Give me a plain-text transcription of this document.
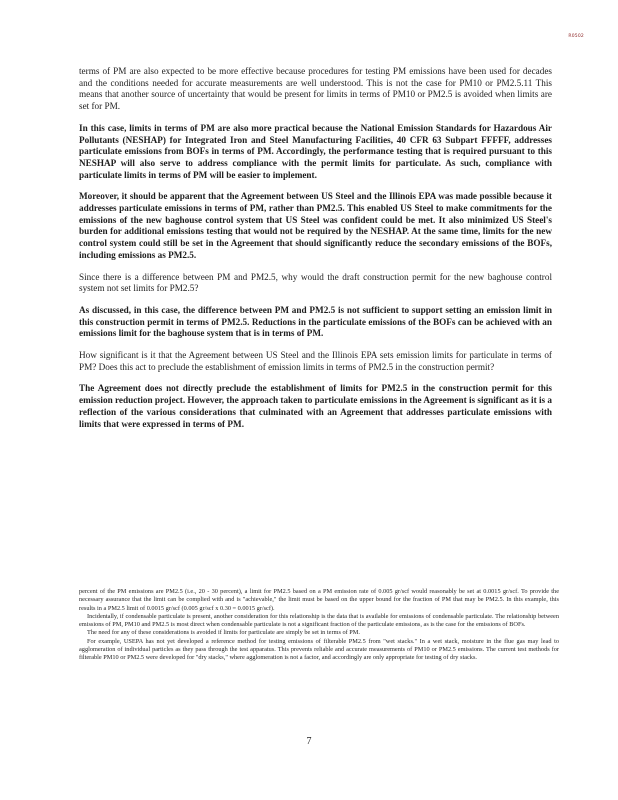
R0502

terms of PM are also expected to be more effective because procedures for testing PM emissions have been used for decades and the conditions needed for accurate measurements are well understood. This is not the case for PM10 or PM2.5.11 This means that another source of uncertainty that would be present for limits in terms of PM10 or PM2.5 is avoided when limits are set for PM.

In this case, limits in terms of PM are also more practical because the National Emission Standards for Hazardous Air Pollutants (NESHAP) for Integrated Iron and Steel Manufacturing Facilities, 40 CFR 63 Subpart FFFFF, addresses particulate emissions from BOFs in terms of PM. Accordingly, the performance testing that is required pursuant to this NESHAP will also serve to address compliance with the permit limits for particulate. As such, compliance with particulate limits in terms of PM will be easier to implement.

Moreover, it should be apparent that the Agreement between US Steel and the Illinois EPA was made possible because it addresses particulate emissions in terms of PM, rather than PM2.5. This enabled US Steel to make commitments for the emissions of the new baghouse control system that US Steel was confident could be met. It also minimized US Steel's burden for additional emissions testing that would not be required by the NESHAP. At the same time, limits for the new control system could still be set in the Agreement that should significantly reduce the secondary emissions of the BOFs, including emissions as PM2.5.

Since there is a difference between PM and PM2.5, why would the draft construction permit for the new baghouse control system not set limits for PM2.5?

As discussed, in this case, the difference between PM and PM2.5 is not sufficient to support setting an emission limit in this construction permit in terms of PM2.5. Reductions in the particulate emissions of the BOFs can be achieved with an emissions limit for the baghouse system that is in terms of PM.

How significant is it that the Agreement between US Steel and the Illinois EPA sets emission limits for particulate in terms of PM? Does this act to preclude the establishment of emission limits in terms of PM2.5 in the construction permit?

The Agreement does not directly preclude the establishment of limits for PM2.5 in the construction permit for this emission reduction project. However, the approach taken to particulate emissions in the Agreement is significant as it is a reflection of the various considerations that culminated with an Agreement that addresses particulate emissions with limits that were expressed in terms of PM.

percent of the PM emissions are PM2.5 (i.e., 20 - 30 percent), a limit for PM2.5 based on a PM emission rate of 0.005 gr/scf would reasonably be set at 0.0015 gr/scf. To provide the necessary assurance that the limit can be complied with and is "achievable," the limit must be based on the upper bound for the fraction of PM that may be PM2.5. In this example, this results in a PM2.5 limit of 0.0015 gr/scf (0.005 gr/scf x 0.30 = 0.0015 gr/scf).

Incidentally, if condensable particulate is present, another consideration for this relationship is the data that is available for emissions of condensable particulate. The relationship between emissions of PM, PM10 and PM2.5 is most direct when condensable particulate is not a significant fraction of the particulate emissions, as is the case for the emissions of BOFs.

The need for any of these considerations is avoided if limits for particulate are simply be set in terms of PM.

For example, USEPA has not yet developed a reference method for testing emissions of filterable PM2.5 from "wet stacks." In a wet stack, moisture in the flue gas may lead to agglomeration of individual particles as they pass through the test apparatus. This prevents reliable and accurate measurements of PM10 or PM2.5 emissions. The current test methods for filterable PM10 or PM2.5 were developed for "dry stacks," where agglomeration is not a factor, and accordingly are only appropriate for testing of dry stacks.

7
